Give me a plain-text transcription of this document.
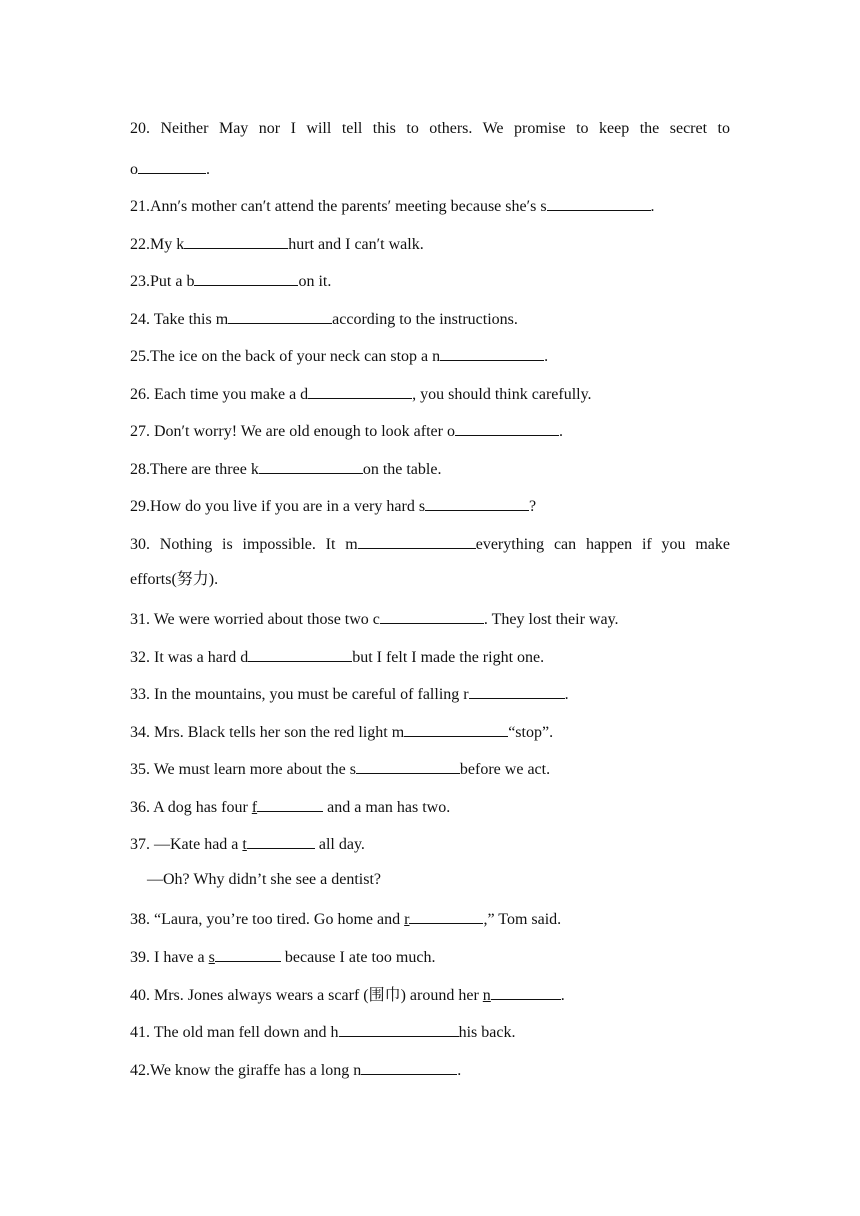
20. Neither May nor I will tell this to others. We promise to keep the secret to
o	.
21.Ann′s mother can′t attend the parents′ meeting because she′s s	.
22.My k	hurt and I can′t walk.
23.Put a b	on it.
24. Take this m	according to the instructions.
25.The ice on the back of your neck can stop a n	.
26. Each time you make a d	, you should think carefully.
27. Don′t worry! We are old enough to look after o	.
28.There are three k	on the table.
29.How do you live if you are in a very hard s	?
30. Nothing is impossible. It m	everything can happen if you make
efforts(努力).
31. We were worried about those two c	. They lost their way.
32. It was a hard d	but I felt I made the right one.
33. In the mountains, you must be careful of falling r	.
34. Mrs. Black tells her son the red light m	“stop”.
35. We must learn more about the s	before we act.
36. A dog has four f	and a man has two.
37. —Kate had a t	all day.
—Oh? Why didn’t she see a dentist?
38. “Laura, you’re too tired. Go home and r	,” Tom said.
39. I have a s	because I ate too much.
40. Mrs. Jones always wears a scarf (围巾) around her n	.
41. The old man fell down and h	his back.
42.We know the giraffe has a long n	.
